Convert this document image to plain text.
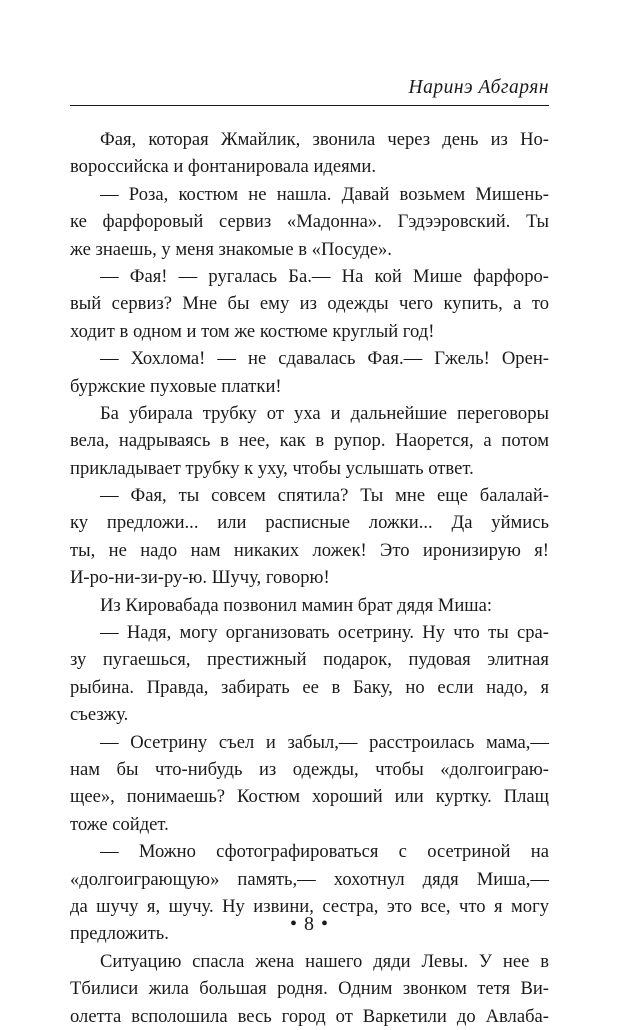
Наринэ Абгарян
Фая, которая Жмайлик, звонила через день из Но-
вороссийска и фонтанировала идеями.
— Роза, костюм не нашла. Давай возьмем Мишень-
ке фарфоровый сервиз «Мадонна». Гэдээровский. Ты
же знаешь, у меня знакомые в «Посуде».
— Фая! — ругалась Ба.— На кой Мише фарфоро-
вый сервиз? Мне бы ему из одежды чего купить, а то
ходит в одном и том же костюме круглый год!
— Хохлома! — не сдавалась Фая.— Гжель! Орен-
буржские пуховые платки!
Ба убирала трубку от уха и дальнейшие переговоры
вела, надрываясь в нее, как в рупор. Наорется, а потом
прикладывает трубку к уху, чтобы услышать ответ.
— Фая, ты совсем спятила? Ты мне еще балалай-
ку предложи... или расписные ложки... Да уймись
ты, не надо нам никаких ложек! Это иронизирую я!
И-ро-ни-зи-ру-ю. Шучу, говорю!
Из Кировабада позвонил мамин брат дядя Миша:
— Надя, могу организовать осетрину. Ну что ты сра-
зу пугаешься, престижный подарок, пудовая элитная
рыбина. Правда, забирать ее в Баку, но если надо, я
съезжу.
— Осетрину съел и забыл,— расстроилась мама,—
нам бы что-нибудь из одежды, чтобы «долгоиграю-
щее», понимаешь? Костюм хороший или куртку. Плащ
тоже сойдет.
— Можно сфотографироваться с осетриной на
«долгоиграющую» память,— хохотнул дядя Миша,—
да шучу я, шучу. Ну извини, сестра, это все, что я могу
предложить.
Ситуацию спасла жена нашего дяди Левы. У нее в
Тбилиси жила большая родня. Одним звонком тетя Ви-
олетта всполошила весь город от Варкетили до Авлаба-
• 8 •
